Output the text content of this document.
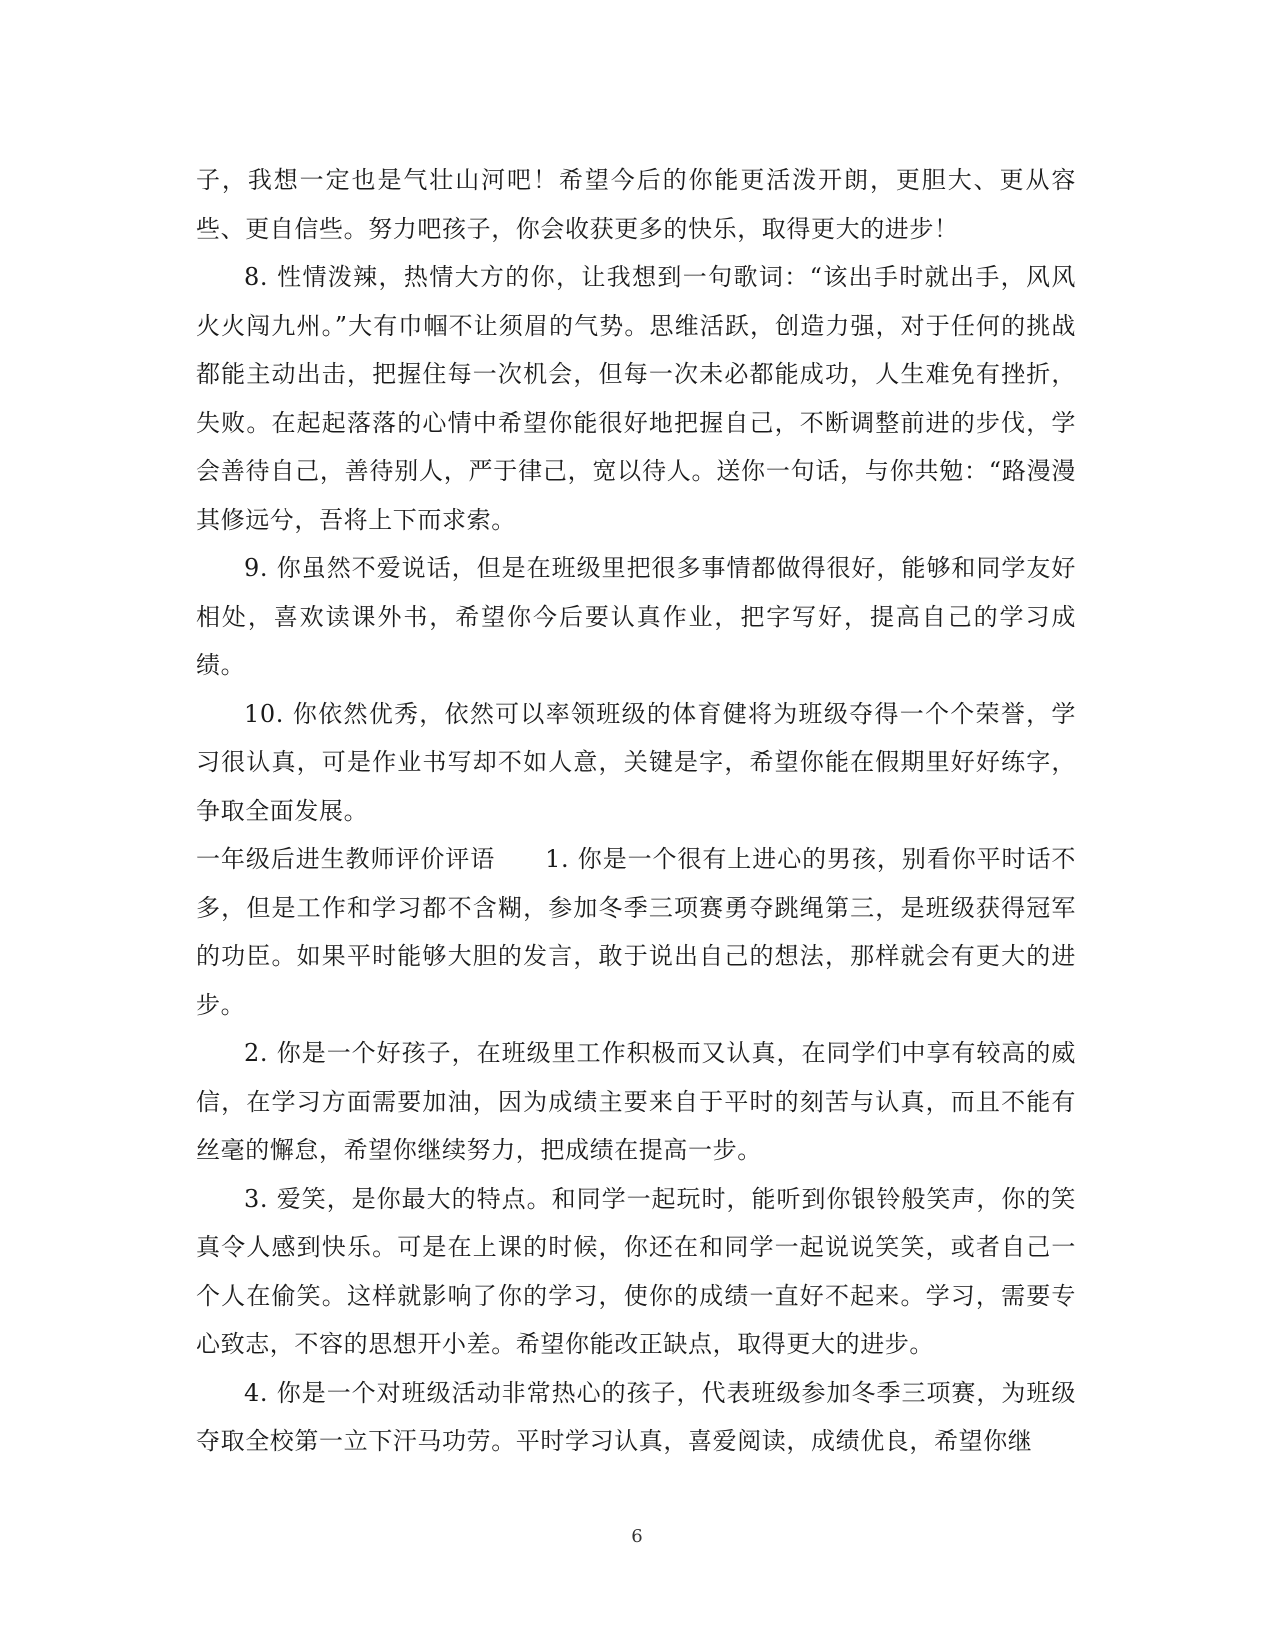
子，我想一定也是气壮山河吧！希望今后的你能更活泼开朗，更胆大、更从容些、更自信些。努力吧孩子，你会收获更多的快乐，取得更大的进步！

8. 性情泼辣，热情大方的你，让我想到一句歌词：“该出手时就出手，风风火火闯九州。”大有巾帼不让须眉的气势。思维活跃，创造力强，对于任何的挑战都能主动出击，把握住每一次机会，但每一次未必都能成功，人生难免有挫折，失败。在起起落落的心情中希望你能很好地把握自己，不断调整前进的步伐，学会善待自己，善待别人，严于律己，宽以待人。送你一句话，与你共勉：“路漫漫其修远兮，吾将上下而求索。

9. 你虽然不爱说话，但是在班级里把很多事情都做得很好，能够和同学友好相处，喜欢读课外书，希望你今后要认真作业，把字写好，提高自己的学习成绩。

10. 你依然优秀，依然可以率领班级的体育健将为班级夺得一个个荣誉，学习很认真，可是作业书写却不如人意，关键是字，希望你能在假期里好好练字，争取全面发展。

一年级后进生教师评价评语 1. 你是一个很有上进心的男孩，别看你平时话不多，但是工作和学习都不含糊，参加冬季三项赛勇夺跳绳第三，是班级获得冠军的功臣。如果平时能够大胆的发言，敢于说出自己的想法，那样就会有更大的进步。

2. 你是一个好孩子，在班级里工作积极而又认真，在同学们中享有较高的威信，在学习方面需要加油，因为成绩主要来自于平时的刻苦与认真，而且不能有丝毫的懈怠，希望你继续努力，把成绩在提高一步。

3. 爱笑，是你最大的特点。和同学一起玩时，能听到你银铃般笑声，你的笑真令人感到快乐。可是在上课的时候，你还在和同学一起说说笑笑，或者自己一个人在偷笑。这样就影响了你的学习，使你的成绩一直好不起来。学习，需要专心致志，不容的思想开小差。希望你能改正缺点，取得更大的进步。

4. 你是一个对班级活动非常热心的孩子，代表班级参加冬季三项赛，为班级夺取全校第一立下汗马功劳。平时学习认真，喜爱阅读，成绩优良，希望你继

6
